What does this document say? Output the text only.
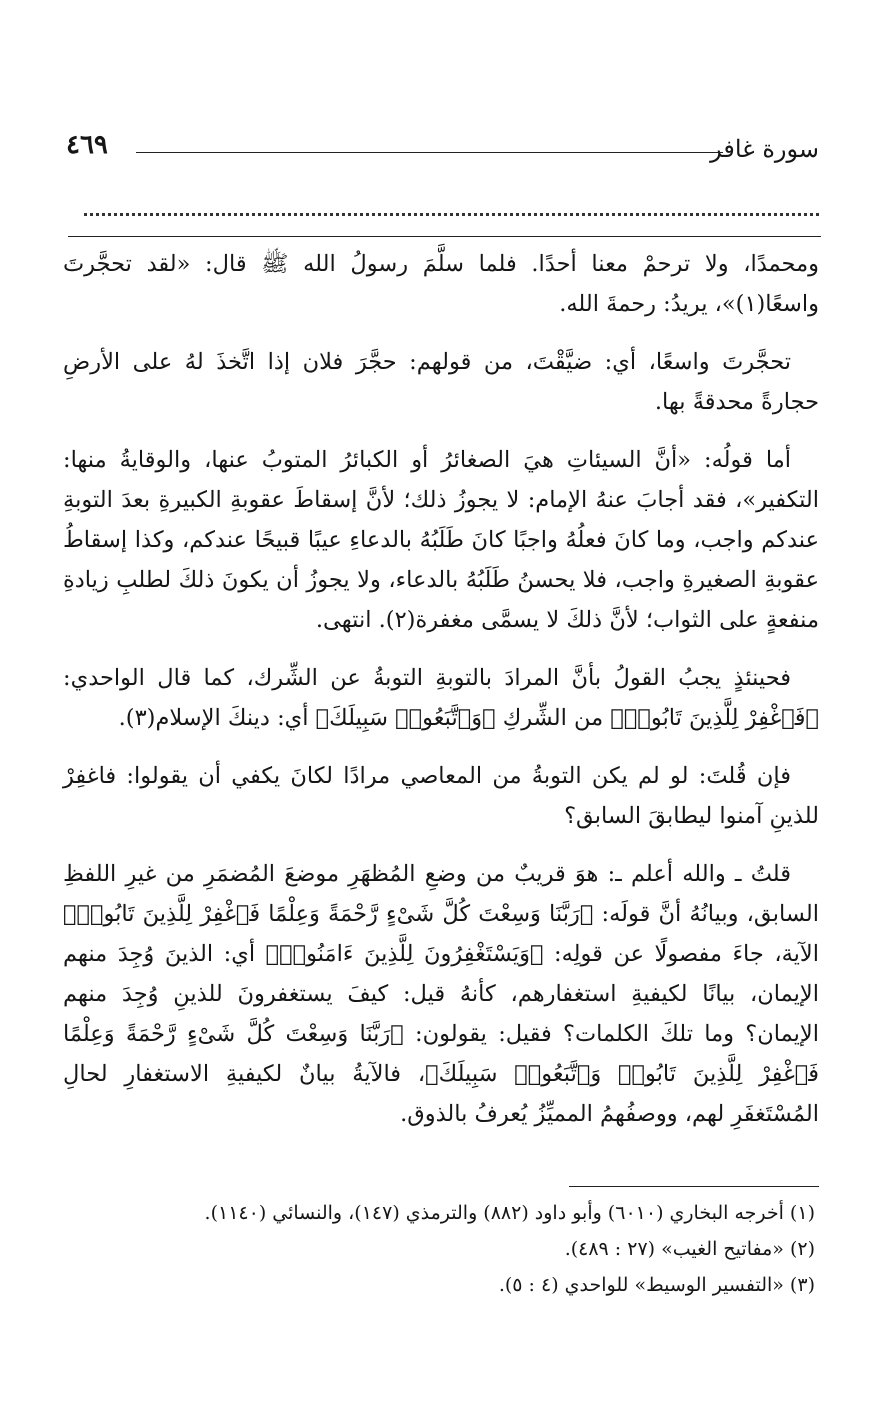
سورة غافر
٤٦٩

ومحمدًا، ولا ترحمْ معنا أحدًا. فلما سلَّمَ رسولُ الله ﷺ قال: «لقد تحجَّرتَ واسعًا(١)»، يريدُ: رحمةَ الله.

تحجَّرتَ واسعًا، أي: ضيَّقْتَ، من قولهم: حجَّرَ فلان إذا اتَّخذَ لهُ على الأرضِ حجارةً محدقةً بها.

أما قولُه: «أنَّ السيئاتِ هيَ الصغائرُ أو الكبائرُ المتوبُ عنها، والوقايةُ منها: التكفير»، فقد أجابَ عنهُ الإمام: لا يجوزُ ذلك؛ لأنَّ إسقاطَ عقوبةِ الكبيرةِ بعدَ التوبةِ عندكم واجب، وما كانَ فعلُهُ واجبًا كانَ طَلَبُهُ بالدعاءِ عيبًا قبيحًا عندكم، وكذا إسقاطُ عقوبةِ الصغيرةِ واجب، فلا يحسنُ طَلَبُهُ بالدعاء، ولا يجوزُ أن يكونَ ذلكَ لطلبِ زيادةِ منفعةٍ على الثواب؛ لأنَّ ذلكَ لا يسمَّى مغفرة(٢). انتهى.

فحينئذٍ يجبُ القولُ بأنَّ المرادَ بالتوبةِ التوبةُ عن الشِّرك، كما قال الواحدي: ﴿فَٱغْفِرْ لِلَّذِينَ تَابُوا۟﴾ من الشِّركِ ﴿وَٱتَّبَعُوا۟ سَبِيلَكَ﴾ أي: دينكَ الإسلام(٣).

فإن قُلتَ: لو لم يكن التوبةُ من المعاصي مرادًا لكانَ يكفي أن يقولوا: فاغفِرْ للذينِ آمنوا ليطابقَ السابق؟

قلتُ ـ والله أعلم ـ: هوَ قريبٌ من وضعِ المُظهَرِ موضعَ المُضمَرِ من غيرِ اللفظِ السابق، وبيانُهُ أنَّ قولَه: ﴿رَبَّنَا وَسِعْتَ كُلَّ شَىْءٍ رَّحْمَةً وَعِلْمًا فَٱغْفِرْ لِلَّذِينَ تَابُوا۟﴾ الآية، جاءَ مفصولًا عن قولِه: ﴿وَيَسْتَغْفِرُونَ لِلَّذِينَ ءَامَنُوا۟﴾ أي: الذينَ وُجِدَ منهم الإيمان، بيانًا لكيفيةِ استغفارهم، كأنهُ قيل: كيفَ يستغفرونَ للذينِ وُجِدَ منهم الإيمان؟ وما تلكَ الكلمات؟ فقيل: يقولون: ﴿رَبَّنَا وَسِعْتَ كُلَّ شَىْءٍ رَّحْمَةً وَعِلْمًا فَٱغْفِرْ لِلَّذِينَ تَابُوا۟ وَٱتَّبَعُوا۟ سَبِيلَكَ﴾، فالآيةُ بيانٌ لكيفيةِ الاستغفارِ لحالِ المُسْتَغفَرِ لهم، ووصفُهمُ المميِّزُ يُعرفُ بالذوق.

(١) أخرجه البخاري (٦٠١٠) وأبو داود (٨٨٢) والترمذي (١٤٧)، والنسائي (١١٤٠).

(٢) «مفاتيح الغيب» (٢٧ : ٤٨٩).

(٣) «التفسير الوسيط» للواحدي (٤ : ٥).
